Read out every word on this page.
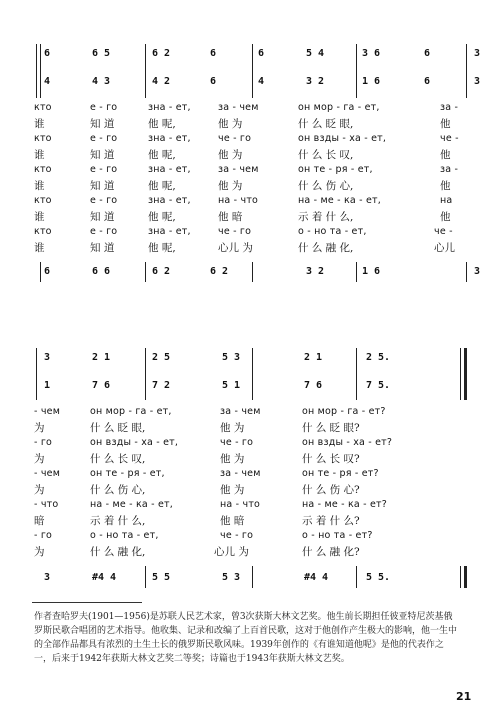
6	6 5	6 2	6	6	5 4	3 6	6	3
4	4 3	4 2	6	4	3 2	1 6	6	3
кто	е - го	зна - ет,	за - чем	он мор - га - ет,	за -
谁	知 道	他 呢,	他 为	什 么 眨 眼,	他
кто	е - го	зна - ет,	че - го	он взды - ха - ет,	че -
谁	知 道	他 呢,	他 为	什 么 长 叹,	他
кто	е - го	зна - ет,	за - чем	он те - ря - ет,	за -
谁	知 道	他 呢,	他 为	什 么 伤 心,	他
кто	е - го	зна - ет,	на - что	на - ме - ка - ет,	на
谁	知 道	他 呢,	他 暗	示 着 什 么,	他
кто	е - го	зна - ет,	че - го	о - но та - ет,	че -
谁	知 道	他 呢,	心儿 为	什 么 融 化,	心儿
6	6 6	6 2	6 2	3 2	1 6	3
3	2 1	2 5	5 3	2 1	2 5.
1	7 6	7 2	5 1	7 6	7 5.
- чем	он мор - га - ет,	за - чем	он мор - га - ет?
为	什 么 眨 眼,	他 为	什 么 眨 眼?
- го	он взды - ха - ет,	че - го	он взды - ха - ет?
为	什 么 长 叹,	他 为	什 么 长 叹?
- чем	он те - ря - ет,	за - чем	он те - ря - ет?
为	什 么 伤 心,	他 为	什 么 伤 心?
- что	на - ме - ка - ет,	на - что	на - ме - ка - ет?
暗	示 着 什 么,	他 暗	示 着 什 么?
- го	о - но та - ет,	че - го	о - но та - ет?
为	什 么 融 化,	心儿 为	什 么 融 化?
3	#4 4	5 5	5 3	#4 4	5 5.
作者查哈罗夫(1901—1956)是苏联人民艺术家，曾3次获斯大林文艺奖。他生前长期担任彼亚特尼茨基俄罗斯民歌合唱团的艺术指导。他收集、记录和改编了上百首民歌，这对于他创作产生极大的影响，他一生中的全部作品都具有浓烈的土生土长的俄罗斯民歌风味。1939年创作的《有谁知道他呢》是他的代表作之一，后来于1942年获斯大林文艺奖二等奖；诗篇也于1943年获斯大林文艺奖。
21
